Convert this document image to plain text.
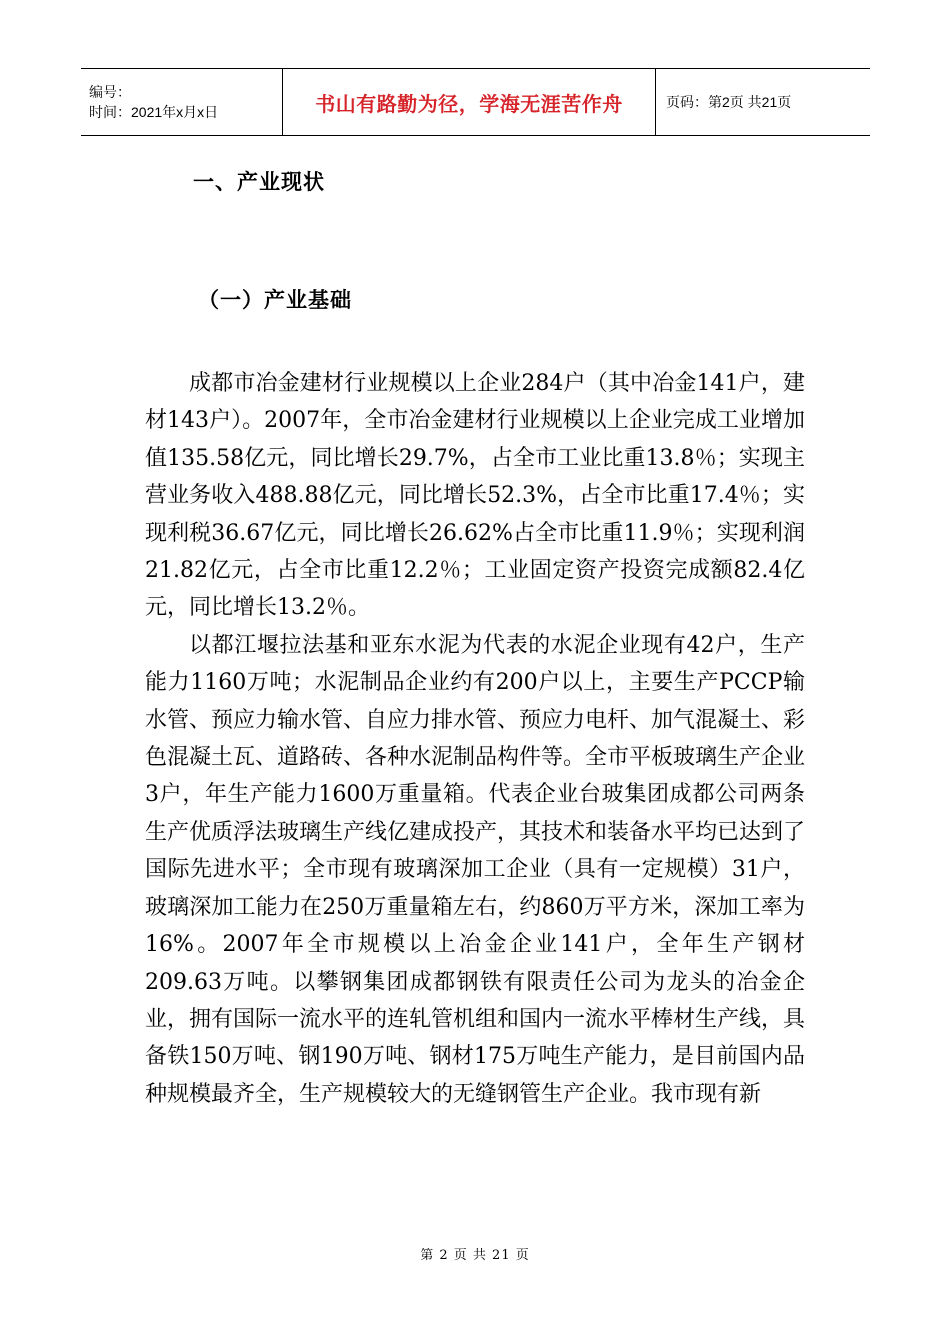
编号：
时间：2021年x月x日	书山有路勤为径，学海无涯苦作舟	页码：第2页 共21页
一、产业现状
（一）产业基础

成都市冶金建材行业规模以上企业284户（其中冶金141户，建材143户）。2007年，全市冶金建材行业规模以上企业完成工业增加值135.58亿元，同比增长29.7%，占全市工业比重13.8％；实现主营业务收入488.88亿元，同比增长52.3%，占全市比重17.4％；实现利税36.67亿元，同比增长26.62%占全市比重11.9％；实现利润21.82亿元，占全市比重12.2％；工业固定资产投资完成额82.4亿元，同比增长13.2％。

以都江堰拉法基和亚东水泥为代表的水泥企业现有42户，生产能力1160万吨；水泥制品企业约有200户以上，主要生产PCCP输水管、预应力输水管、自应力排水管、预应力电杆、加气混凝土、彩色混凝土瓦、道路砖、各种水泥制品构件等。全市平板玻璃生产企业3户，年生产能力1600万重量箱。代表企业台玻集团成都公司两条生产优质浮法玻璃生产线亿建成投产，其技术和装备水平均已达到了国际先进水平；全市现有玻璃深加工企业（具有一定规模）31户，玻璃深加工能力在250万重量箱左右，约860万平方米，深加工率为16%。2007年全市规模以上冶金企业141户，全年生产钢材209.63万吨。以攀钢集团成都钢铁有限责任公司为龙头的冶金企业，拥有国际一流水平的连轧管机组和国内一流水平棒材生产线，具备铁150万吨、钢190万吨、钢材175万吨生产能力，是目前国内品种规模最齐全，生产规模较大的无缝钢管生产企业。我市现有新

第 2 页 共 21 页
